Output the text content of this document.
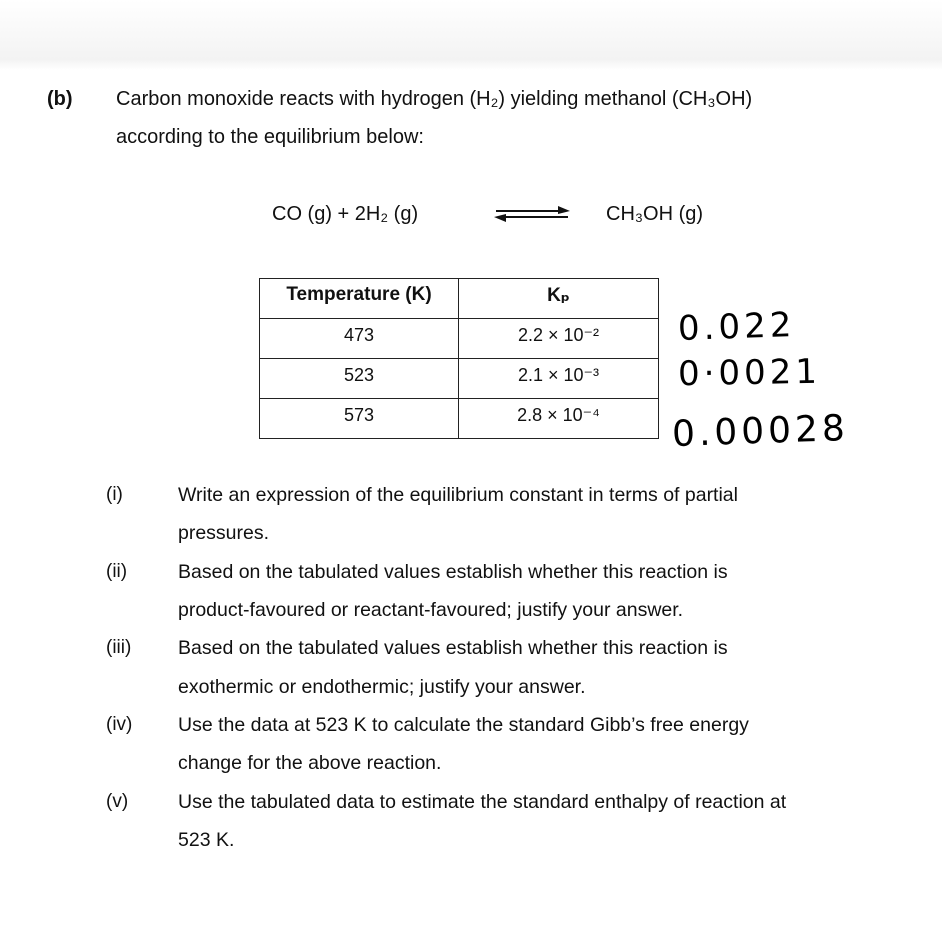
(b) Carbon monoxide reacts with hydrogen (H₂) yielding methanol (CH₃OH)
according to the equilibrium below:
CO (g) + 2H₂ (g)	CH₃OH (g)
Temperature (K)	Kₚ
473	2.2 × 10⁻²
523	2.1 × 10⁻³
573	2.8 × 10⁻⁴
0.022
0·0021
0.00028
(i)	Write an expression of the equilibrium constant in terms of partial
pressures.
(ii)	Based on the tabulated values establish whether this reaction is
product-favoured or reactant-favoured; justify your answer.
(iii) Based on the tabulated values establish whether this reaction is
exothermic or endothermic; justify your answer.
(iv) Use the data at 523 K to calculate the standard Gibb’s free energy
change for the above reaction.
(v)	Use the tabulated data to estimate the standard enthalpy of reaction at
523 K.
